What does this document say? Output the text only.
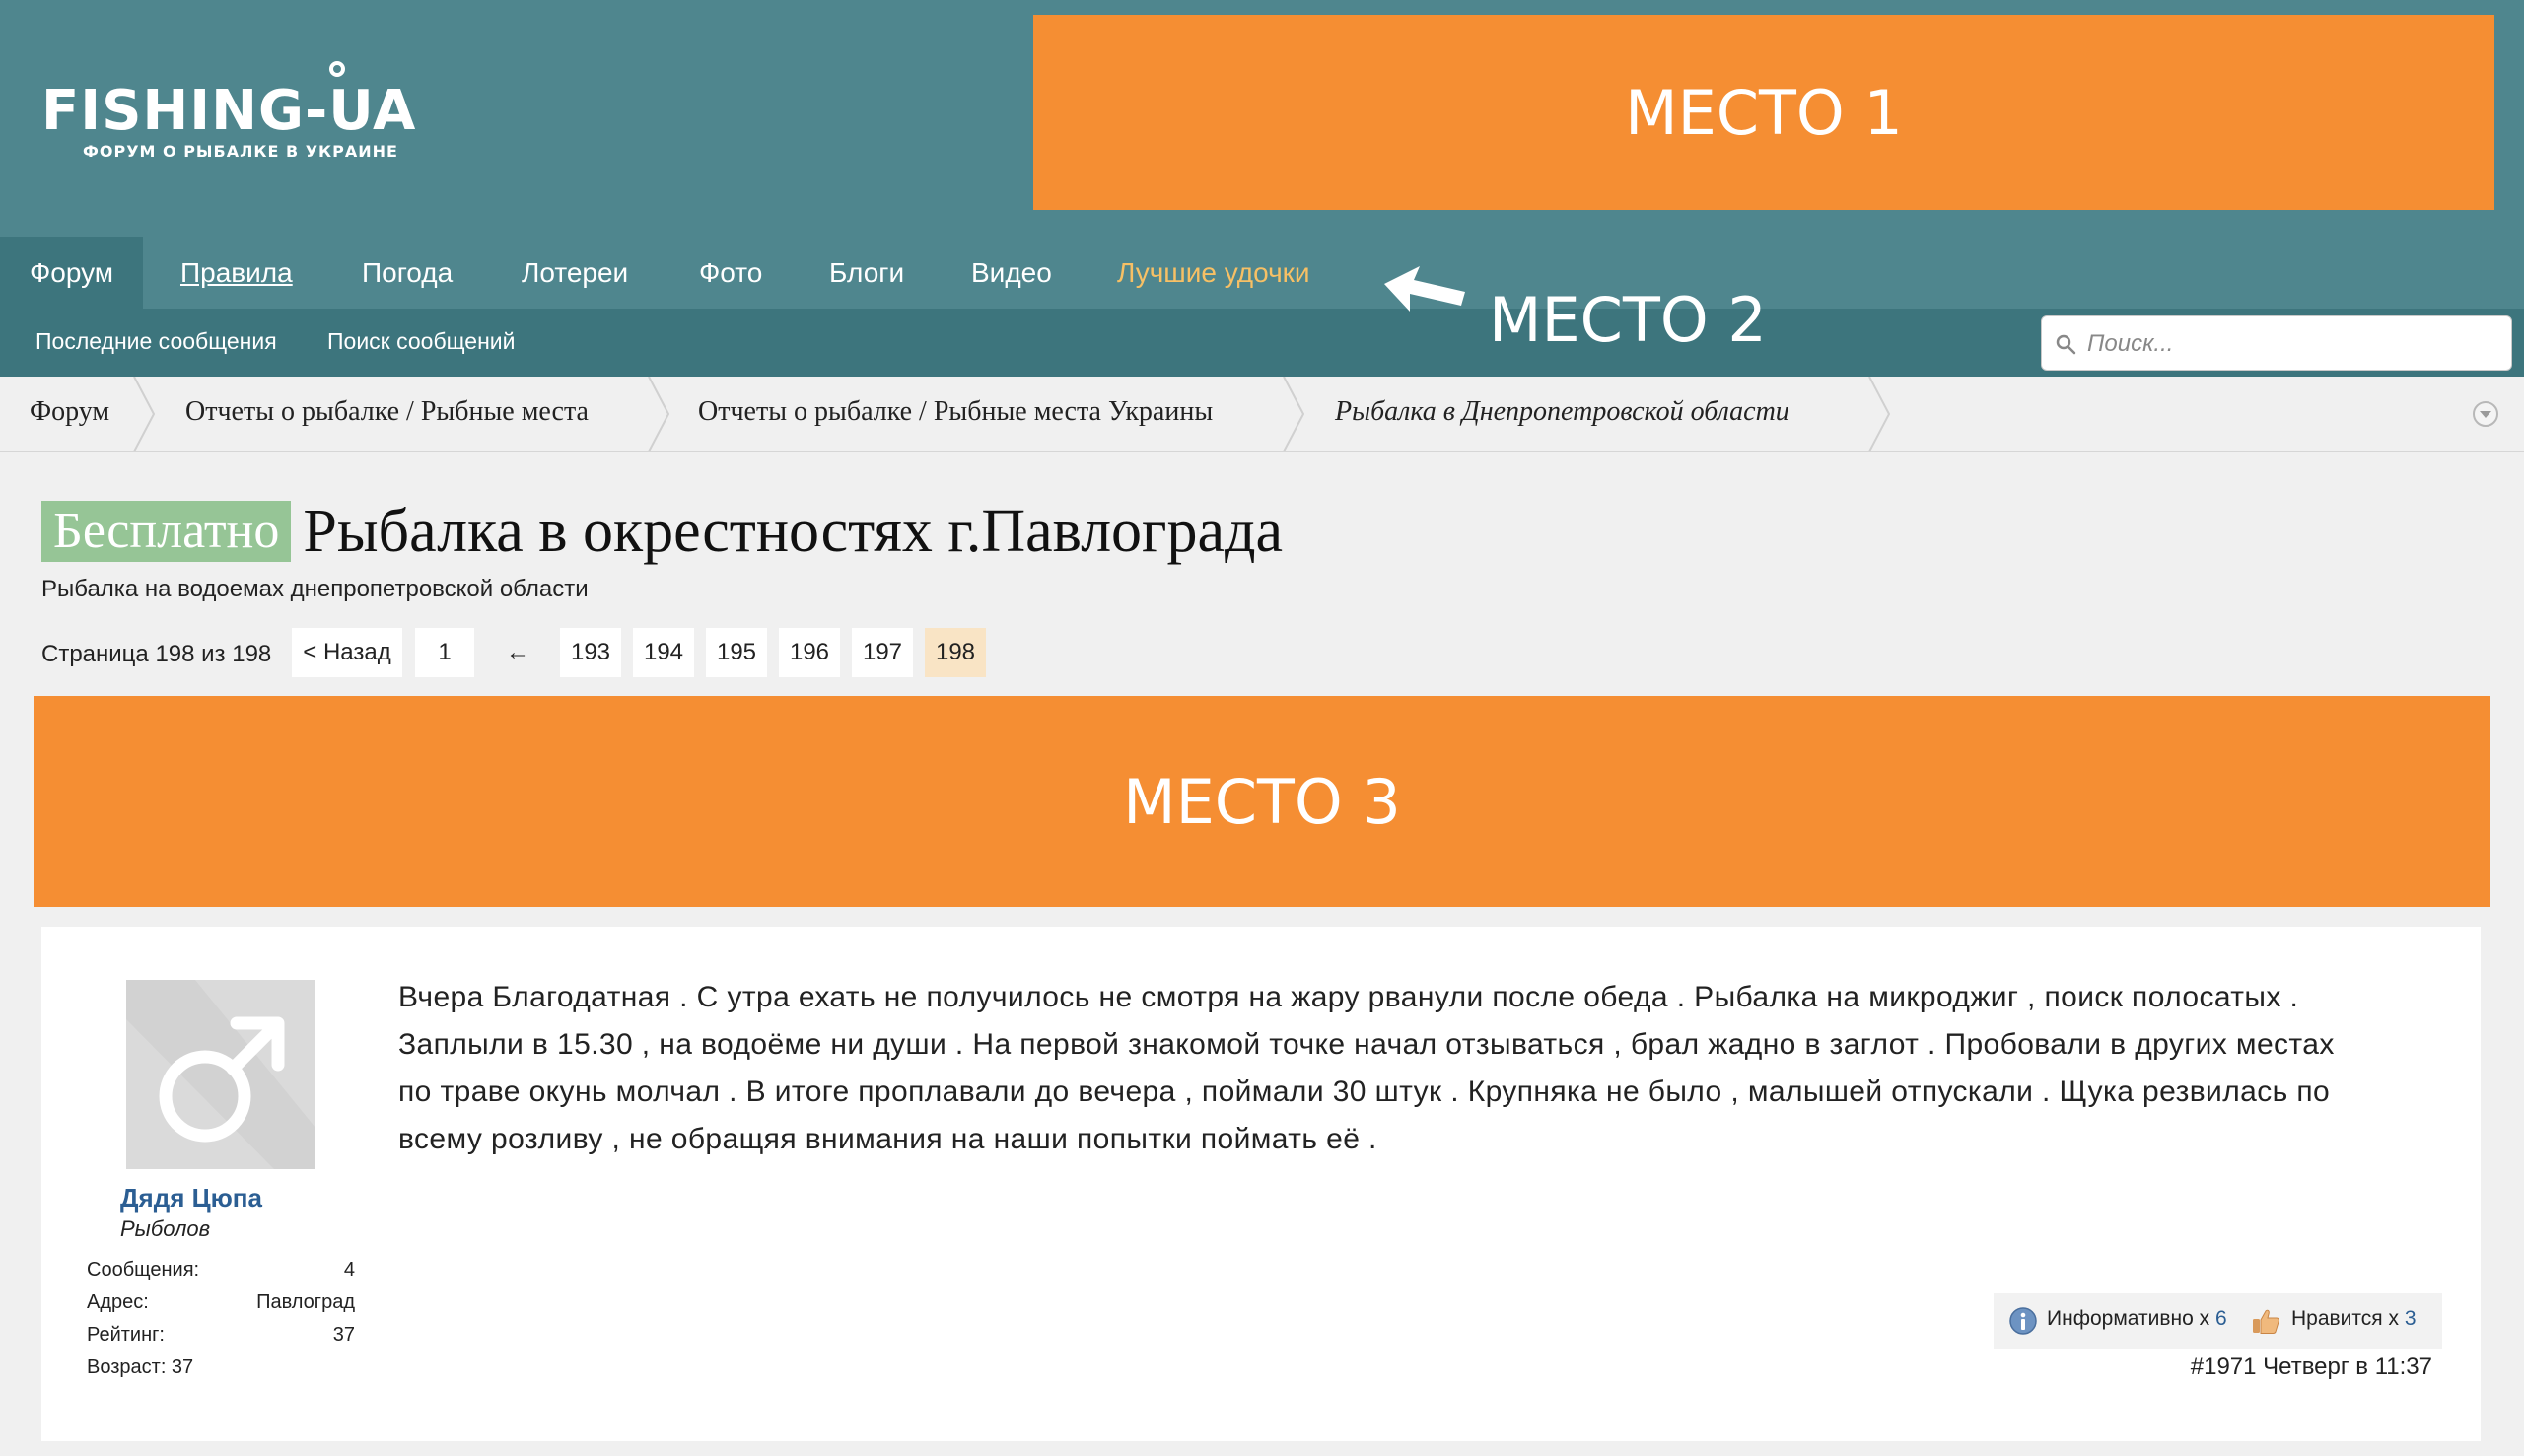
FISHING-UA
ФОРУМ О РЫБАЛКЕ В УКРАИНЕ
МЕСТО 1
Форум Правила	Погода Лотереи	Фото Блоги Видео Лучшие удочки
МЕСТО 2
Последние сообщения Поиск сообщений
Поиск...
Форум	Отчеты о рыбалке / Рыбные места	Отчеты о рыбалке / Рыбные места Украины	Рыбалка в Днепропетровской области
Бесплатно Рыбалка в окрестностях г.Павлограда
Рыбалка на водоемах днепропетровской области
Страница 198 из 198	< Назад	1	←	193	194	195	196	197	198
МЕСТО 3
Дядя Цюпа
Рыболов
Сообщения:	4
Адрес:	Павлоград
Рейтинг:	37
Возраст: 37
Вчера Благодатная . С утра ехать не получилось не смотря на жару рванули после обеда . Рыбалка на микроджиг , поиск полосатых . Заплыли в 15.30 , на водоёме ни души . На первой знакомой точке начал отзываться , брал жадно в заглот . Пробовали в других местах по траве окунь молчал . В итоге проплавали до вечера , поймали 30 штук . Крупняка не было , малышей отпускали . Щука резвилась по всему розливу , не обращяя внимания на наши попытки поймать её .
Информативно x 6	Нравится x 3
#1971 Четверг в 11:37
